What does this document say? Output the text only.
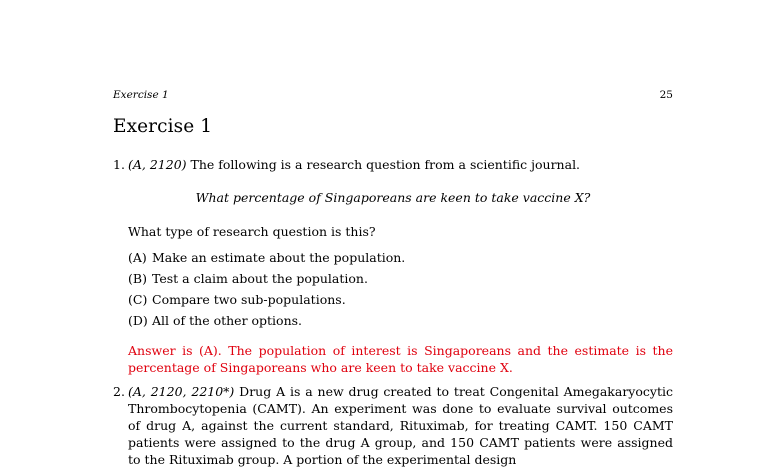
Exercise 1	25
Exercise 1
1. (A, 2120) The following is a research question from a scientific journal.
What percentage of Singaporeans are keen to take vaccine X?
What type of research question is this?
(A) Make an estimate about the population.
(B) Test a claim about the population.
(C) Compare two sub-populations.
(D) All of the other options.
Answer is (A). The population of interest is Singaporeans and the estimate is the percentage of Singaporeans who are keen to take vaccine X.
2. (A, 2120, 2210*) Drug A is a new drug created to treat Congenital Amegakaryocytic Thrombocytopenia (CAMT). An experiment was done to evaluate survival outcomes of drug A, against the current standard, Rituximab, for treating CAMT. 150 CAMT patients were assigned to the drug A group, and 150 CAMT patients were assigned to the Rituximab group. A portion of the experimental design
